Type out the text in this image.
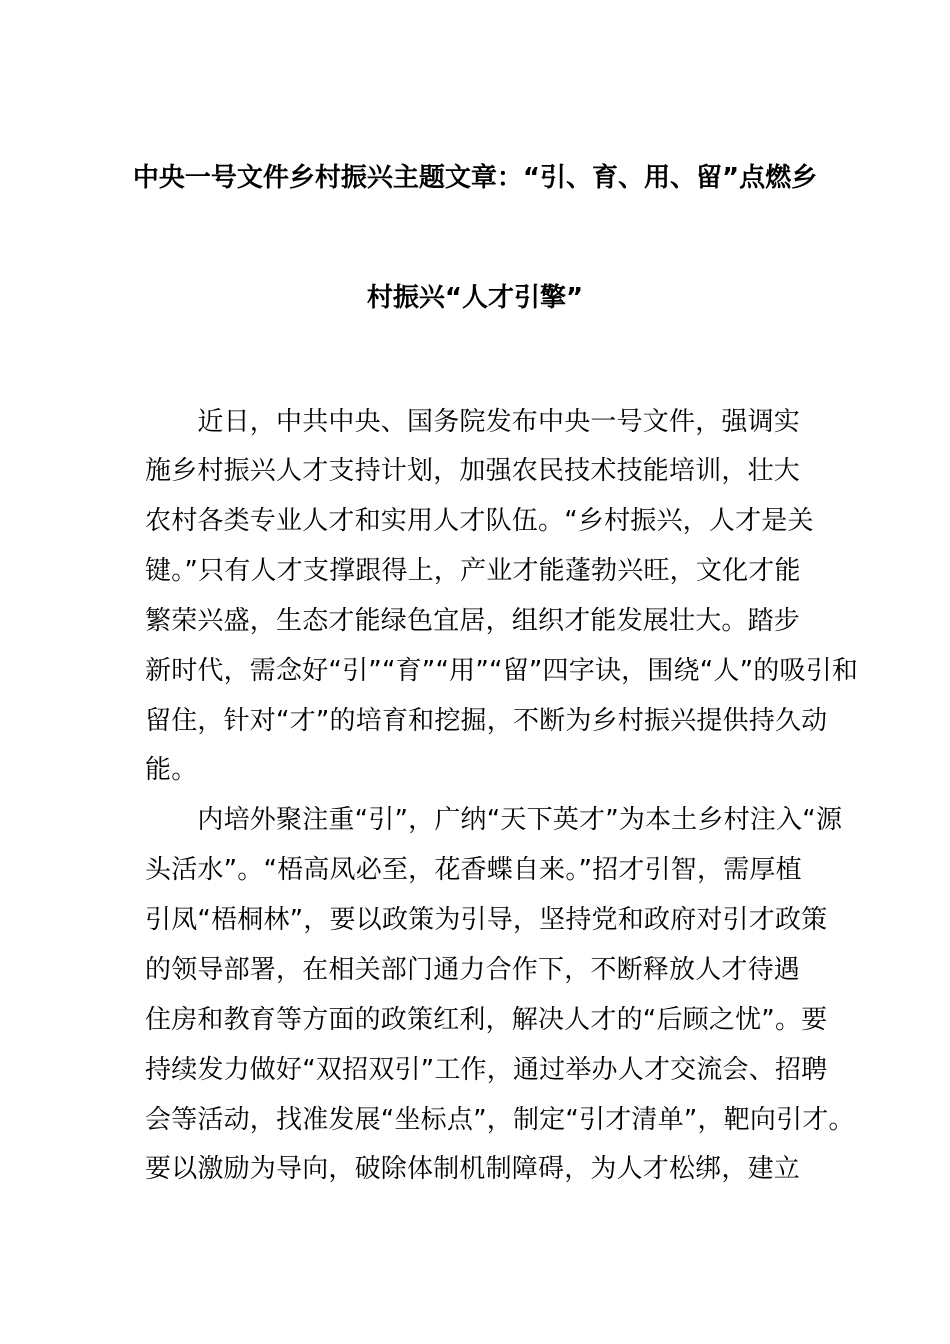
中央一号文件乡村振兴主题文章：“引、育、用、留”点燃乡
村振兴“人才引擎”
　　近日，中共中央、国务院发布中央一号文件，强调实
施乡村振兴人才支持计划，加强农民技术技能培训，壮大
农村各类专业人才和实用人才队伍。“乡村振兴，人才是关
键。”只有人才支撑跟得上，产业才能蓬勃兴旺，文化才能
繁荣兴盛，生态才能绿色宜居，组织才能发展壮大。踏步
新时代，需念好“引”“育”“用”“留”四字诀，围绕“人”的吸引和
留住，针对“才”的培育和挖掘，不断为乡村振兴提供持久动
能。
　　内培外聚注重“引”，广纳“天下英才”为本土乡村注入“源
头活水”。“梧高凤必至，花香蝶自来。”招才引智，需厚植
引凤“梧桐林”，要以政策为引导，坚持党和政府对引才政策
的领导部署，在相关部门通力合作下，不断释放人才待遇
住房和教育等方面的政策红利，解决人才的“后顾之忧”。要
持续发力做好“双招双引”工作，通过举办人才交流会、招聘
会等活动，找准发展“坐标点”，制定“引才清单”，靶向引才。
要以激励为导向，破除体制机制障碍，为人才松绑，建立
